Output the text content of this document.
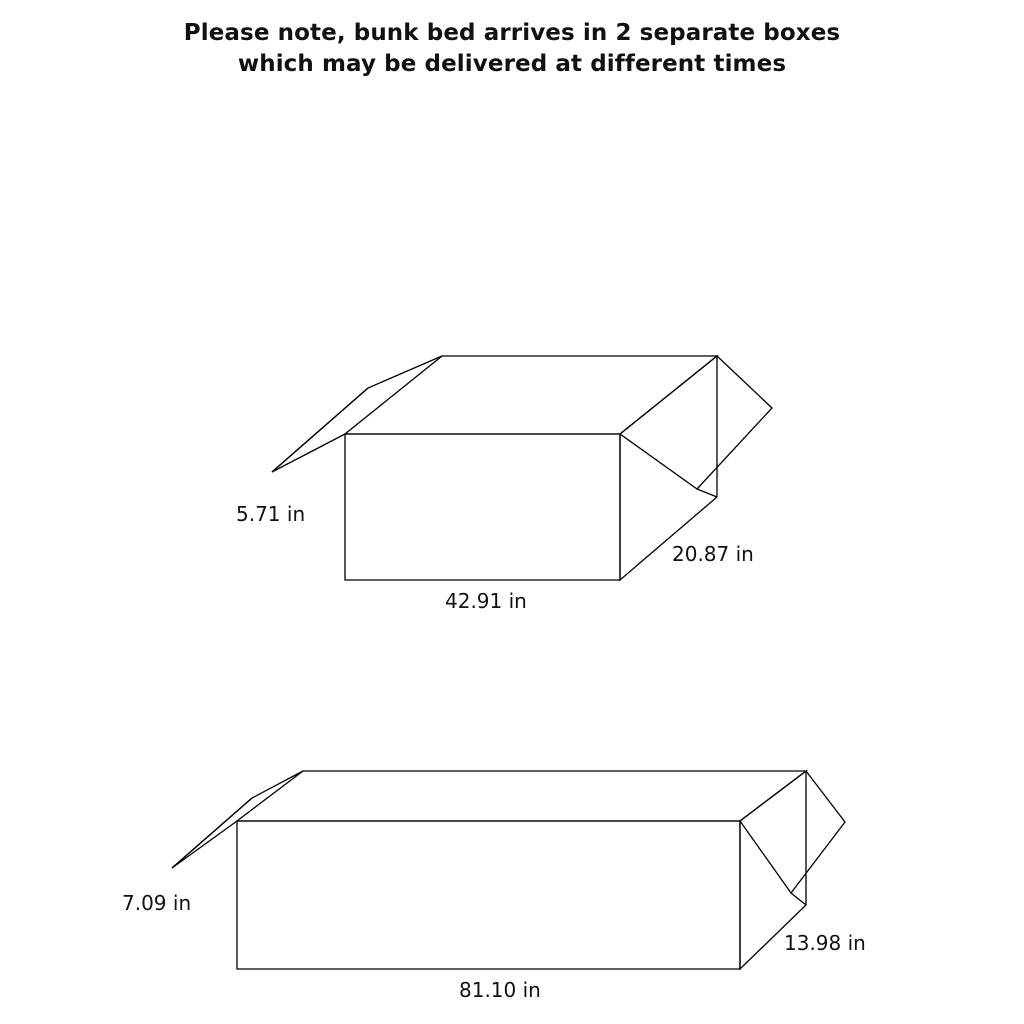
Please note, bunk bed arrives in 2 separate boxes
which may be delivered at different times
5.71 in
20.87 in
42.91 in
7.09 in
13.98 in
81.10 in
